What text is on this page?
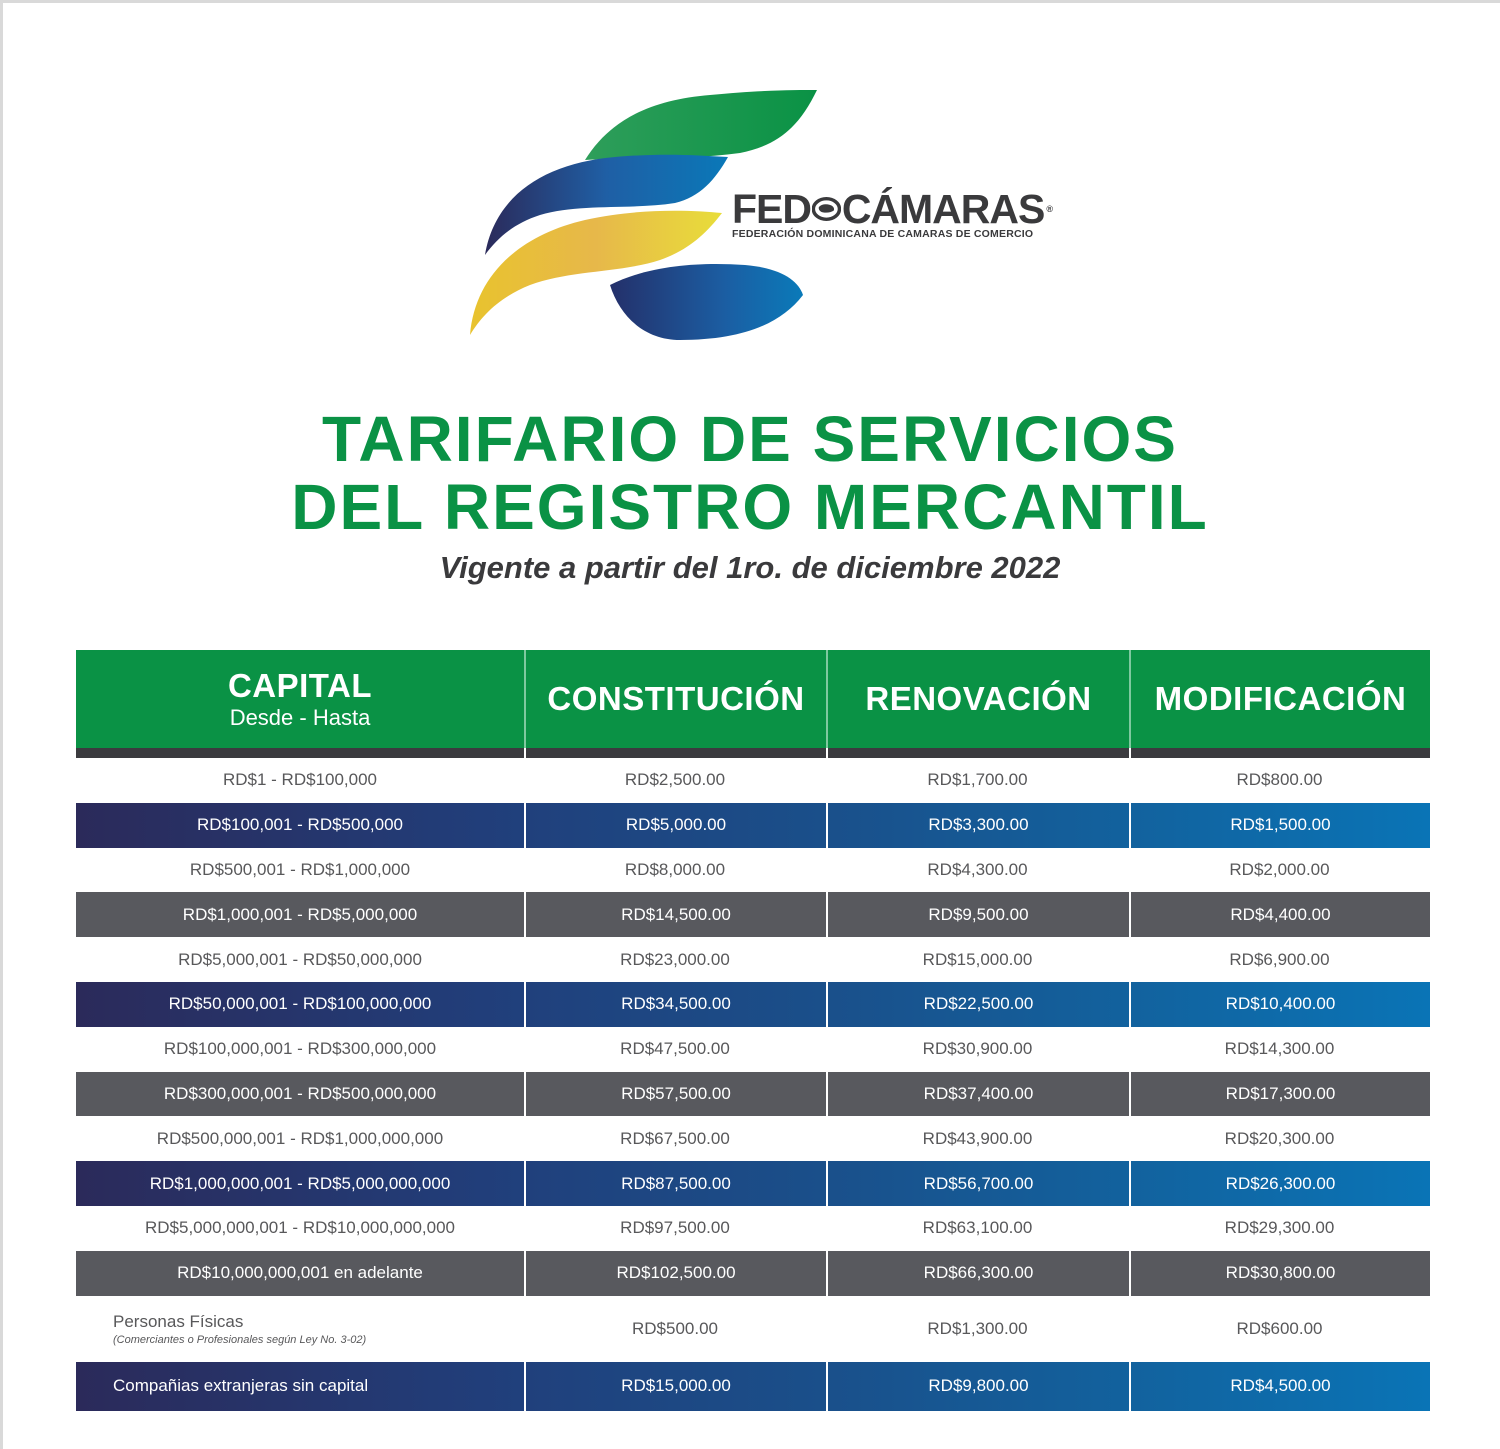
FED CÁMARAS ®
FEDERACIÓN DOMINICANA DE CAMARAS DE COMERCIO
TARIFARIO DE SERVICIOS
DEL REGISTRO MERCANTIL
Vigente a partir del 1ro. de diciembre 2022
CAPITAL
Desde - Hasta
CONSTITUCIÓN RENOVACIÓN MODIFICACIÓN
RD$1 - RD$100,000	RD$2,500.00	RD$1,700.00	RD$800.00
RD$100,001 - RD$500,000	RD$5,000.00	RD$3,300.00	RD$1,500.00
RD$500,001 - RD$1,000,000	RD$8,000.00	RD$4,300.00	RD$2,000.00
RD$1,000,001 - RD$5,000,000	RD$14,500.00	RD$9,500.00	RD$4,400.00
RD$5,000,001 - RD$50,000,000	RD$23,000.00	RD$15,000.00	RD$6,900.00
RD$50,000,001 - RD$100,000,000	RD$34,500.00	RD$22,500.00	RD$10,400.00
RD$100,000,001 - RD$300,000,000	RD$47,500.00	RD$30,900.00	RD$14,300.00
RD$300,000,001 - RD$500,000,000	RD$57,500.00	RD$37,400.00	RD$17,300.00
RD$500,000,001 - RD$1,000,000,000	RD$67,500.00	RD$43,900.00	RD$20,300.00
RD$1,000,000,001 - RD$5,000,000,000	RD$87,500.00	RD$56,700.00	RD$26,300.00
RD$5,000,000,001 - RD$10,000,000,000	RD$97,500.00	RD$63,100.00	RD$29,300.00
RD$10,000,000,001 en adelante	RD$102,500.00	RD$66,300.00	RD$30,800.00
Personas Físicas
(Comerciantes o Profesionales según Ley No. 3-02)
RD$500.00	RD$1,300.00	RD$600.00
Compañias extranjeras sin capital	RD$15,000.00	RD$9,800.00	RD$4,500.00
